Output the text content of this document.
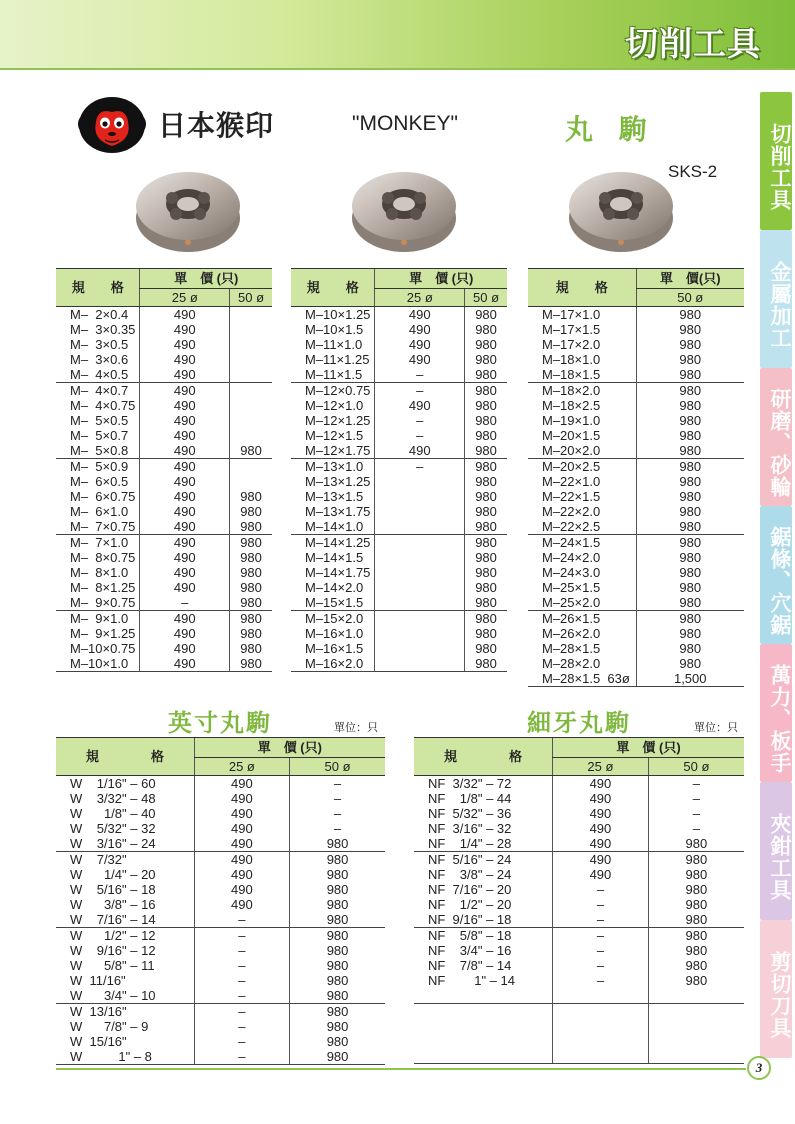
切削工具
切削工具
金屬加工
研磨、砂輪
鋸條、穴鋸
萬力、板手
夾鉗工具
剪切刀具
日本猴印	"MONKEY"	丸 駒
SKS-2
規　　格	單　價 (只)	
	25 ø	50 ø
M–  2×0.4	490	
M–  3×0.35	490	
M–  3×0.5	490	
M–  3×0.6	490	
M–  4×0.5	490	
M–  4×0.7	490	
M–  4×0.75	490	
M–  5×0.5	490	
M–  5×0.7	490	
M–  5×0.8	490	980
M–  5×0.9	490	
M–  6×0.5	490	
M–  6×0.75	490	980
M–  6×1.0	490	980
M–  7×0.75	490	980
M–  7×1.0	490	980
M–  8×0.75	490	980
M–  8×1.0	490	980
M–  8×1.25	490	980
M–  9×0.75	–	980
M–  9×1.0	490	980
M–  9×1.25	490	980
M–10×0.75	490	980
M–10×1.0	490	980
規　　格	單　價 (只)	
	25 ø	50 ø
M–10×1.25	490	980
M–10×1.5	490	980
M–11×1.0	490	980
M–11×1.25	490	980
M–11×1.5	–	980
M–12×0.75	–	980
M–12×1.0	490	980
M–12×1.25	–	980
M–12×1.5	–	980
M–12×1.75	490	980
M–13×1.0	–	980
M–13×1.25		980
M–13×1.5		980
M–13×1.75		980
M–14×1.0		980
M–14×1.25		980
M–14×1.5		980
M–14×1.75		980
M–14×2.0		980
M–15×1.5		980
M–15×2.0		980
M–16×1.0		980
M–16×1.5		980
M–16×2.0		980
規　　格	單　價(只)
	50 ø
M–17×1.0	980
M–17×1.5	980
M–17×2.0	980
M–18×1.0	980
M–18×1.5	980
M–18×2.0	980
M–18×2.5	980
M–19×1.0	980
M–20×1.5	980
M–20×2.0	980
M–20×2.5	980
M–22×1.0	980
M–22×1.5	980
M–22×2.0	980
M–22×2.5	980
M–24×1.5	980
M–24×2.0	980
M–24×3.0	980
M–25×1.5	980
M–25×2.0	980
M–26×1.5	980
M–26×2.0	980
M–28×1.5	980
M–28×2.0	980
M–28×1.5  63ø	1,500
英寸丸駒	單位：只	細牙丸駒	單位：只
規　　　　格	單　價 (只)	
	25 ø	50 ø
W    1/16" – 60	490	–
W    3/32" – 48	490	–
W      1/8" – 40	490	–
W    5/32" – 32	490	–
W    3/16" – 24	490	980
W    7/32"	490	980
W      1/4" – 20	490	980
W    5/16" – 18	490	980
W      3/8" – 16	490	980
W    7/16" – 14	–	980
W      1/2" – 12	–	980
W    9/16" – 12	–	980
W      5/8" – 11	–	980
W  11/16"	–	980
W      3/4" – 10	–	980
W  13/16"	–	980
W      7/8" – 9	–	980
W  15/16"	–	980
W          1" – 8	–	980
規　　　　格	單　價 (只)	
	25 ø	50 ø
NF  3/32" – 72	490	–
NF    1/8" – 44	490	–
NF  5/32" – 36	490	–
NF  3/16" – 32	490	–
NF    1/4" – 28	490	980
NF  5/16" – 24	490	980
NF    3/8" – 24	490	980
NF  7/16" – 20	–	980
NF    1/2" – 20	–	980
NF  9/16" – 18	–	980
NF    5/8" – 18	–	980
NF    3/4" – 16	–	980
NF    7/8" – 14	–	980
NF        1" – 14	–	980

3
